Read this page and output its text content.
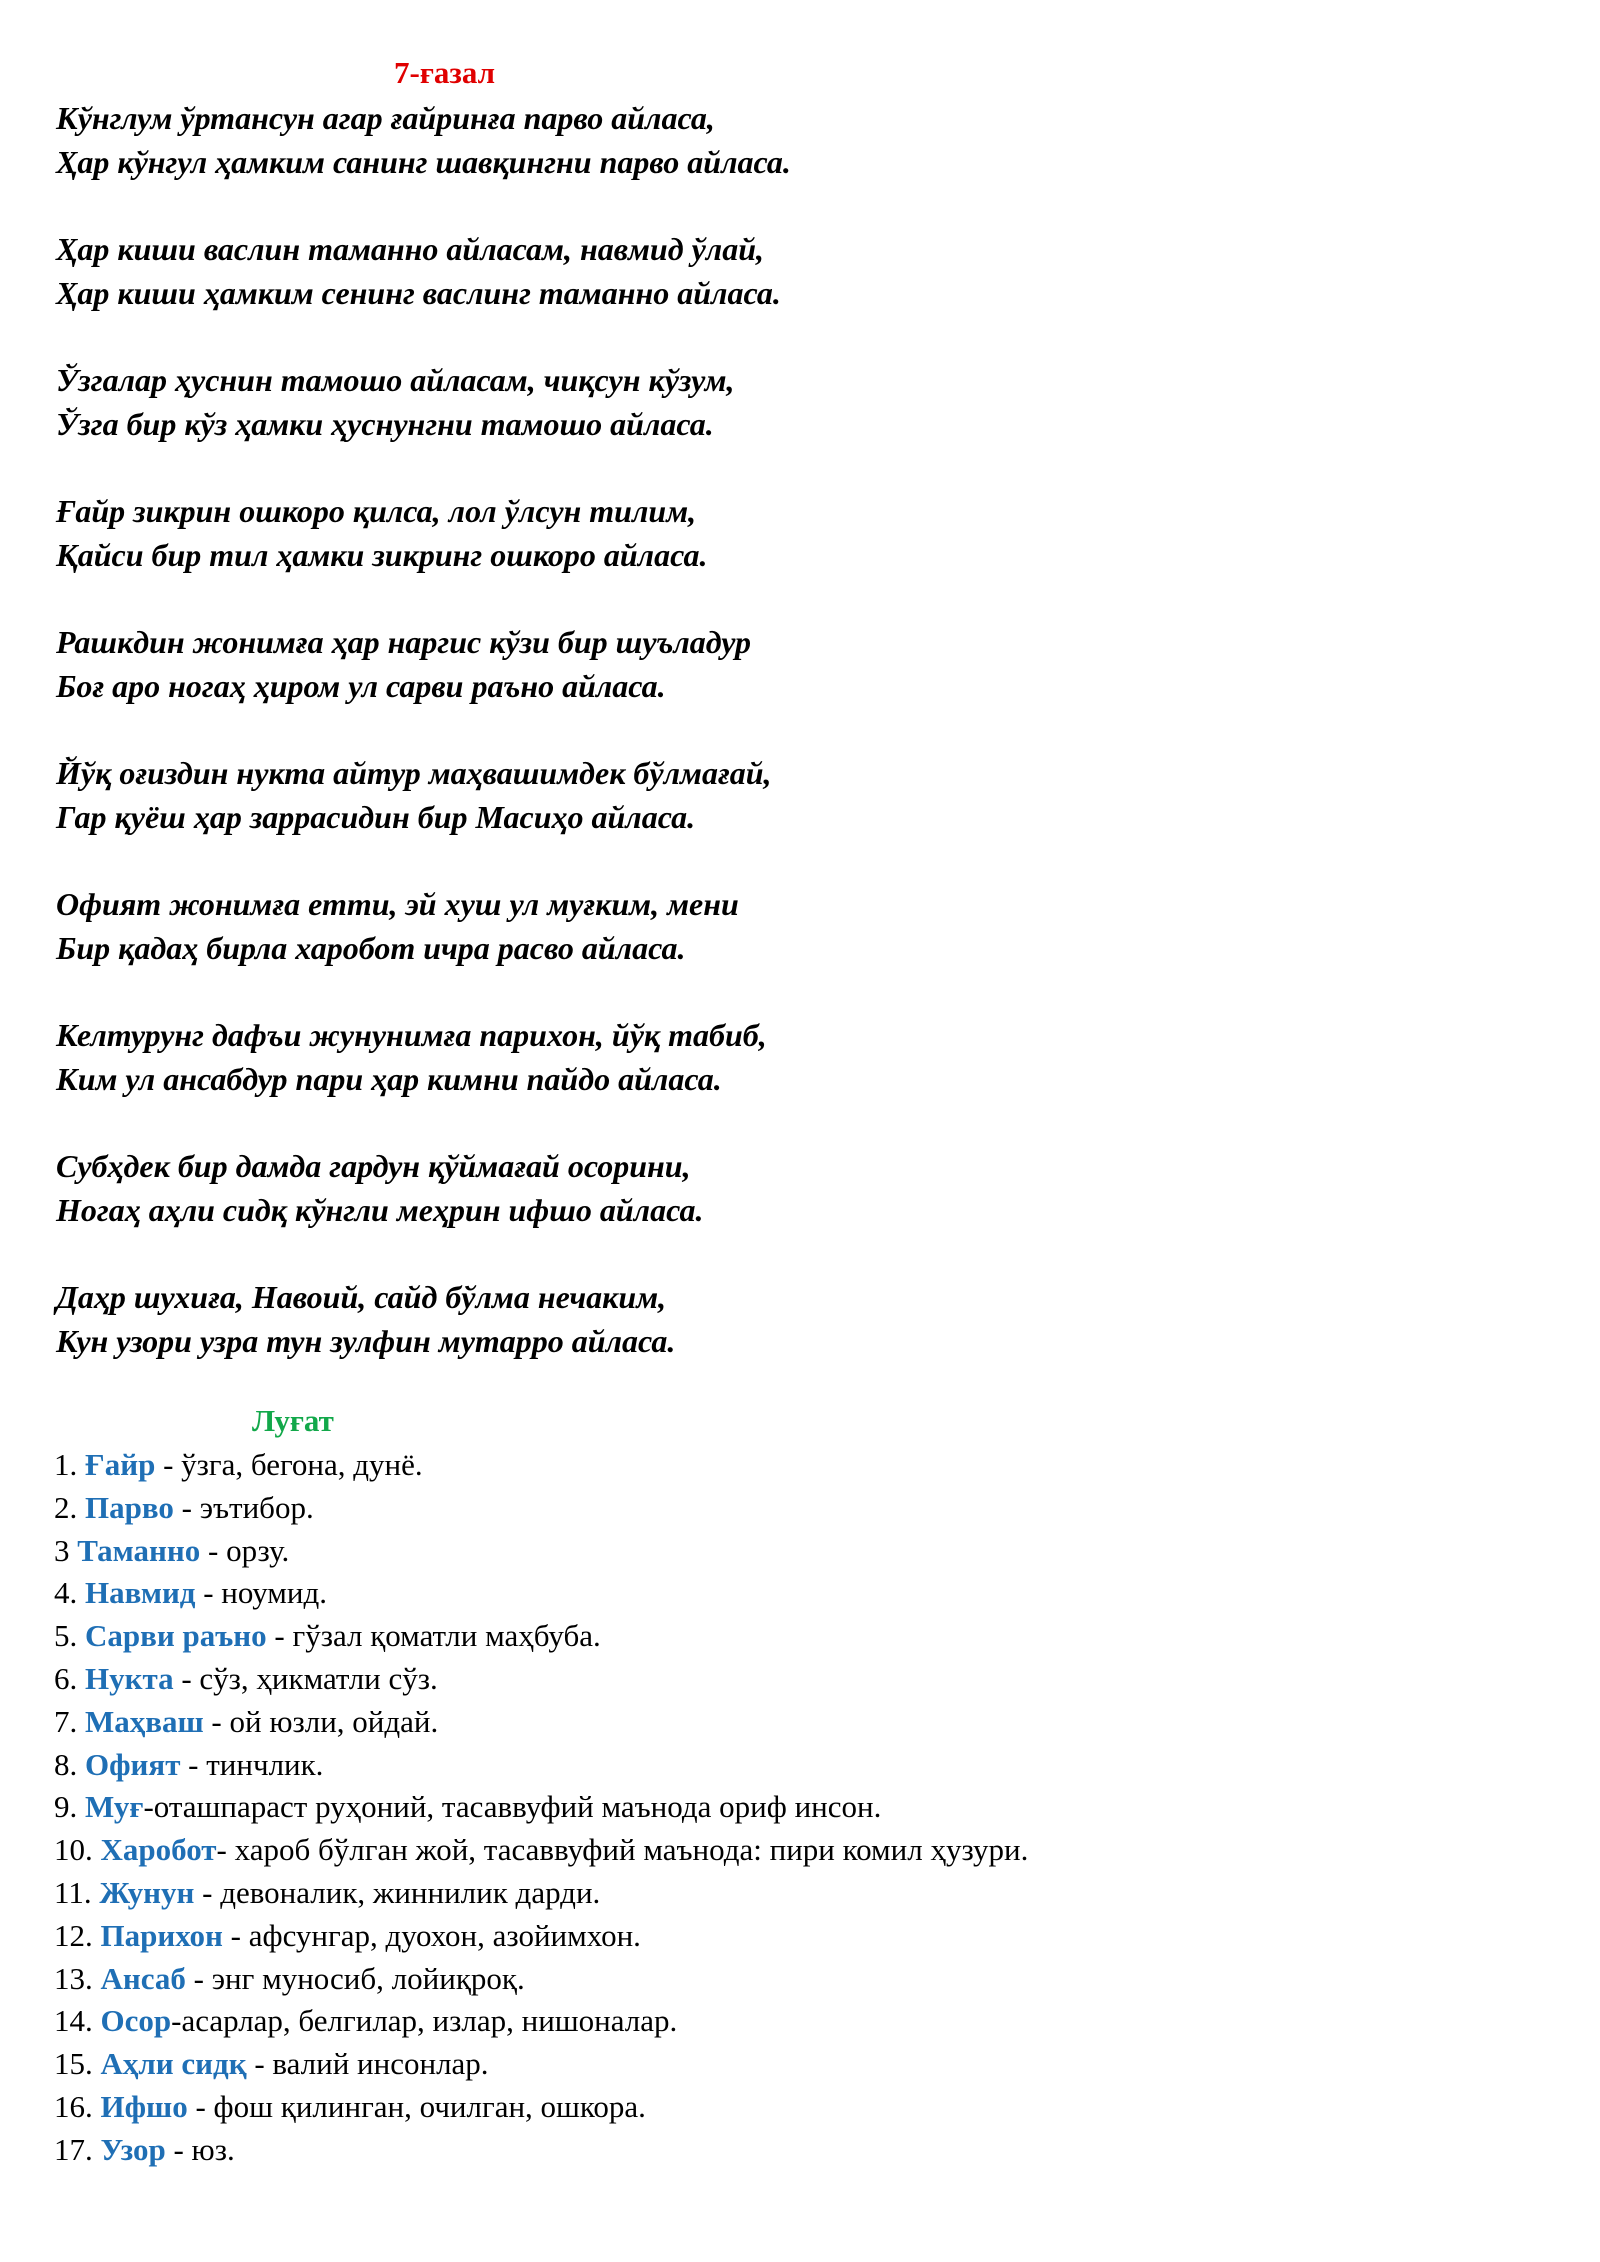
7-ғазал
Кўнглум ўртансун агар ғайринға парво айласа,
Ҳар кўнгул ҳамким санинг шавқингни парво айласа.
Ҳар киши васлин таманно айласам, навмид ўлай,
Ҳар киши ҳамким сенинг васлинг таманно айласа.
Ўзгалар ҳуснин тамошо айласам, чиқсун кўзум,
Ўзга бир кўз ҳамки ҳуснунгни тамошо айласа.
Ғайр зикрин ошкоро қилса, лол ўлсун тилим,
Қайси бир тил ҳамки зикринг ошкоро айласа.
Рашкдин жонимға ҳар наргис кўзи бир шуъладур
Боғ аро ногаҳ ҳиром ул сарви раъно айласа.
Йўқ оғиздин нукта айтур маҳвашимдек бўлмағай,
Гар қуёш ҳар заррасидин бир Масиҳо айласа.
Офият жонимға етти, эй хуш ул муғким, мени
Бир қадаҳ бирла харобот ичра расво айласа.
Келтурунг дафъи жунунимға парихон, йўқ табиб,
Ким ул ансабдур пари ҳар кимни пайдо айласа.
Субҳдек бир дамда гардун қўймағай осорини,
Ногаҳ аҳли сидқ кўнгли меҳрин ифшо айласа.
Даҳр шухиға, Навоий, сайд бўлма нечаким,
Кун узори узра тун зулфин мутарро айласа.
Луғат
1. Ғайр - ўзга, бегона, дунё.
2. Парво - эътибор.
3 Таманно - орзу.
4. Навмид - ноумид.
5. Сарви раъно - гўзал қоматли маҳбуба.
6. Нукта - сўз, ҳикматли сўз.
7. Маҳваш - ой юзли, ойдай.
8. Офият - тинчлик.
9. Муғ-оташпараст руҳоний, тасаввуфий маънода ориф инсон.
10. Харобот- хароб бўлган жой, тасаввуфий маънода: пири комил ҳузури.
11. Жунун - девоналик, жиннилик дарди.
12. Парихон - афсунгар, дуохон, азойимхон.
13. Ансаб - энг муносиб, лойиқроқ.
14. Осор-асарлар, белгилар, излар, нишоналар.
15. Аҳли сидқ - валий инсонлар.
16. Ифшо - фош қилинган, очилган, ошкора.
17. Узор - юз.
